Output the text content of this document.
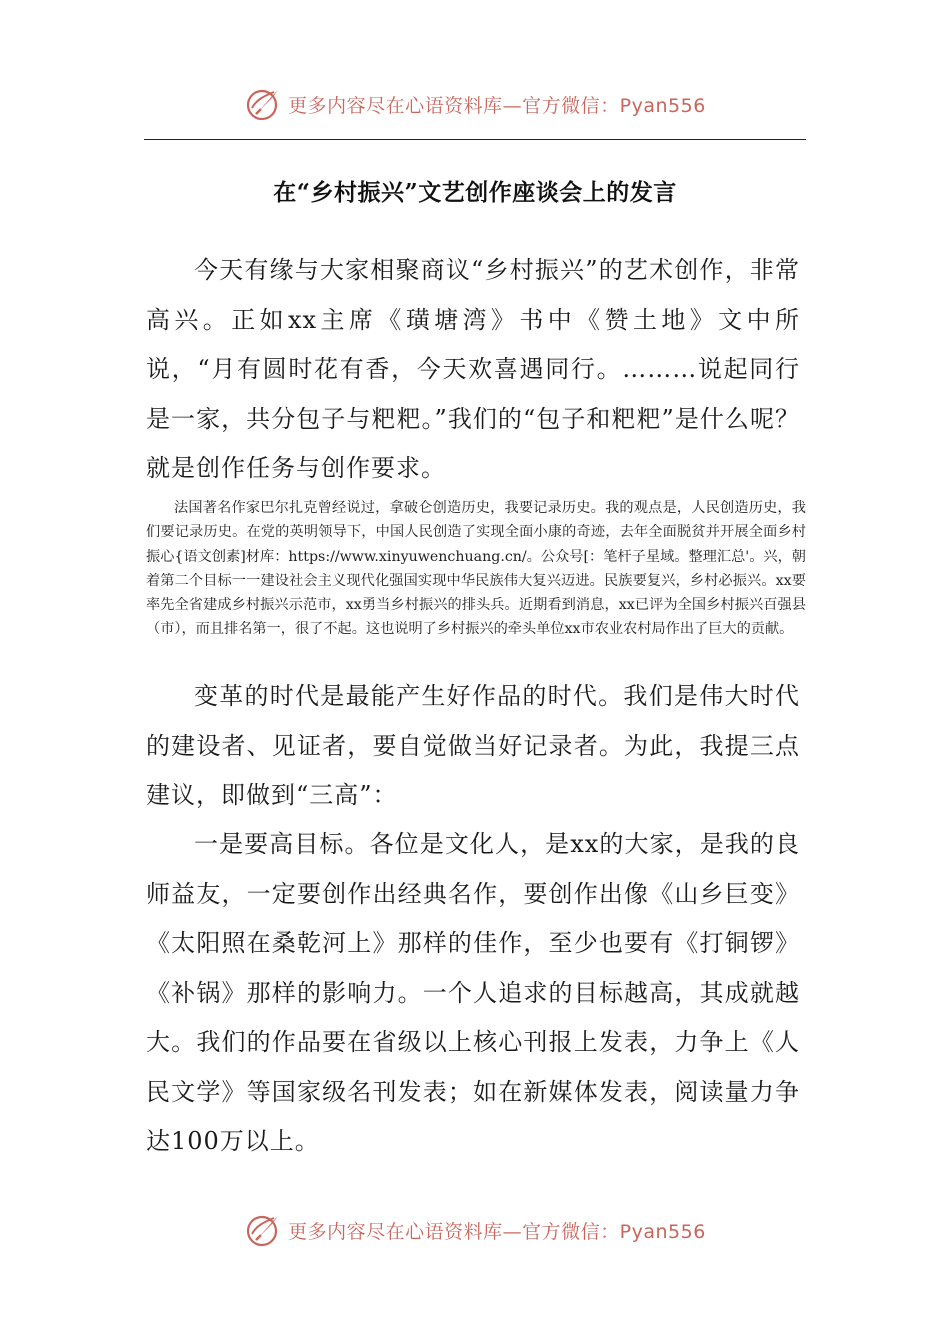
更多内容尽在心语资料库—官方微信：Pyan556
在“乡村振兴”文艺创作座谈会上的发言

今天有缘与大家相聚商议“乡村振兴”的艺术创作，非常高兴。正如xx主席《璜塘湾》书中《赞土地》文中所说，“月有圆时花有香，今天欢喜遇同行。………说起同行是一家，共分包子与粑粑。”我们的“包子和粑粑”是什么呢？就是创作任务与创作要求。

法国著名作家巴尔扎克曾经说过，拿破仑创造历史，我要记录历史。我的观点是，人民创造历史，我们要记录历史。在党的英明领导下，中国人民创造了实现全面小康的奇迹，去年全面脱贫并开展全面乡村振心{语文创素]材库：https://www.xinyuwenchuang.cn/。公众号[：笔杆子星域。整理汇总'。兴，朝着第二个目标一一建设社会主义现代化强国实现中华民族伟大复兴迈进。民族要复兴，乡村必振兴。xx要率先全省建成乡村振兴示范市，xx勇当乡村振兴的排头兵。近期看到消息，xx已评为全国乡村振兴百强县（市），而且排名第一，很了不起。这也说明了乡村振兴的牵头单位xx市农业农村局作出了巨大的贡献。

变革的时代是最能产生好作品的时代。我们是伟大时代的建设者、见证者，要自觉做当好记录者。为此，我提三点建议，即做到“三高”：

一是要高目标。各位是文化人，是xx的大家，是我的良师益友，一定要创作出经典名作，要创作出像《山乡巨变》《太阳照在桑乾河上》那样的佳作，至少也要有《打铜锣》《补锅》那样的影响力。一个人追求的目标越高，其成就越大。我们的作品要在省级以上核心刊报上发表，力争上《人民文学》等国家级名刊发表；如在新媒体发表，阅读量力争达100万以上。

更多内容尽在心语资料库—官方微信：Pyan556
